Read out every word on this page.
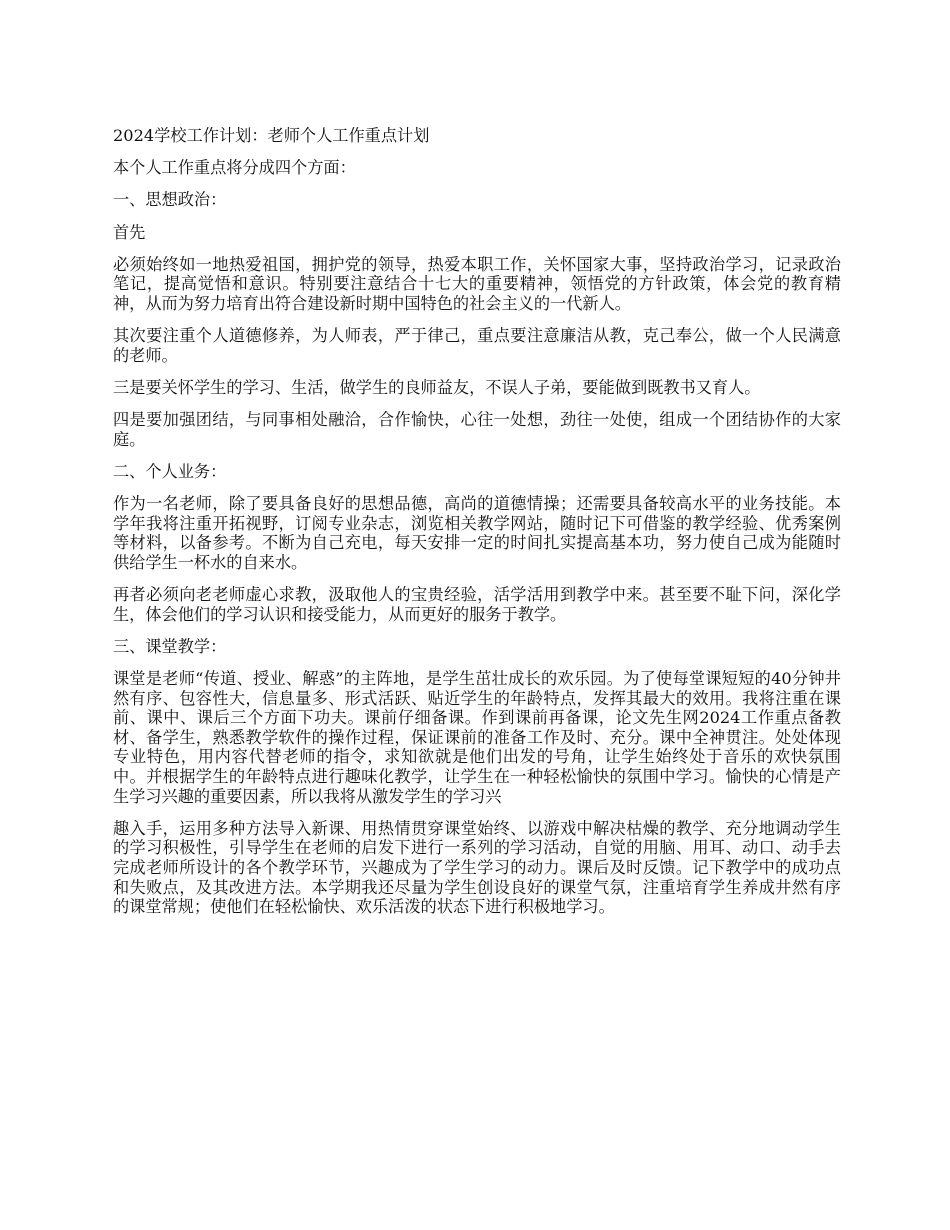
2024学校工作计划：老师个人工作重点计划

本个人工作重点将分成四个方面：

一、思想政治：

首先

必须始终如一地热爱祖国，拥护党的领导，热爱本职工作，关怀国家大事，坚持政治学习，记录政治笔记，提高觉悟和意识。特别要注意结合十七大的重要精神，领悟党的方针政策，体会党的教育精神，从而为努力培育出符合建设新时期中国特色的社会主义的一代新人。

其次要注重个人道德修养，为人师表，严于律己，重点要注意廉洁从教，克己奉公，做一个人民满意的老师。

三是要关怀学生的学习、生活，做学生的良师益友，不误人子弟，要能做到既教书又育人。

四是要加强团结，与同事相处融洽，合作愉快，心往一处想，劲往一处使，组成一个团结协作的大家庭。

二、个人业务：

作为一名老师，除了要具备良好的思想品德，高尚的道德情操；还需要具备较高水平的业务技能。本学年我将注重开拓视野，订阅专业杂志，浏览相关教学网站，随时记下可借鉴的教学经验、优秀案例等材料，以备参考。不断为自己充电，每天安排一定的时间扎实提高基本功，努力使自己成为能随时供给学生一杯水的自来水。

再者必须向老老师虚心求教，汲取他人的宝贵经验，活学活用到教学中来。甚至要不耻下问，深化学生，体会他们的学习认识和接受能力，从而更好的服务于教学。

三、课堂教学：

课堂是老师“传道、授业、解惑”的主阵地，是学生茁壮成长的欢乐园。为了使每堂课短短的40分钟井然有序、包容性大，信息量多、形式活跃、贴近学生的年龄特点，发挥其最大的效用。我将注重在课前、课中、课后三个方面下功夫。课前仔细备课。作到课前再备课，论文先生网2024工作重点备教材、备学生，熟悉教学软件的操作过程，保证课前的准备工作及时、充分。课中全神贯注。处处体现专业特色，用内容代替老师的指令，求知欲就是他们出发的号角，让学生始终处于音乐的欢快氛围中。并根据学生的年龄特点进行趣味化教学，让学生在一种轻松愉快的氛围中学习。愉快的心情是产生学习兴趣的重要因素，所以我将从激发学生的学习兴

趣入手，运用多种方法导入新课、用热情贯穿课堂始终、以游戏中解决枯燥的教学、充分地调动学生的学习积极性，引导学生在老师的启发下进行一系列的学习活动，自觉的用脑、用耳、动口、动手去完成老师所设计的各个教学环节，兴趣成为了学生学习的动力。课后及时反馈。记下教学中的成功点和失败点，及其改进方法。本学期我还尽量为学生创设良好的课堂气氛，注重培育学生养成井然有序的课堂常规；使他们在轻松愉快、欢乐活泼的状态下进行积极地学习。
